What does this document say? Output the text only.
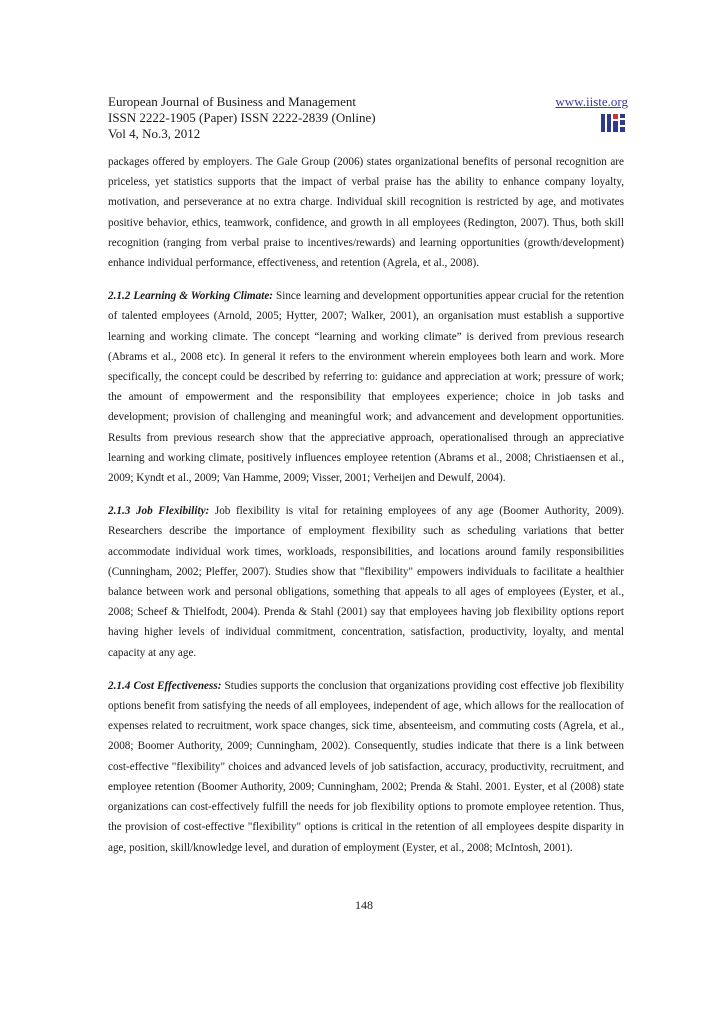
European Journal of Business and Management
ISSN 2222-1905 (Paper) ISSN 2222-2839 (Online)
Vol 4, No.3, 2012
www.iiste.org

packages offered by employers. The Gale Group (2006) states organizational benefits of personal recognition are priceless, yet statistics supports that the impact of verbal praise has the ability to enhance company loyalty, motivation, and perseverance at no extra charge. Individual skill recognition is restricted by age, and motivates positive behavior, ethics, teamwork, confidence, and growth in all employees (Redington, 2007). Thus, both skill recognition (ranging from verbal praise to incentives/rewards) and learning opportunities (growth/development) enhance individual performance, effectiveness, and retention (Agrela, et al., 2008).

2.1.2 Learning & Working Climate: Since learning and development opportunities appear crucial for the retention of talented employees (Arnold, 2005; Hytter, 2007; Walker, 2001), an organisation must establish a supportive learning and working climate. The concept “learning and working climate” is derived from previous research (Abrams et al., 2008 etc). In general it refers to the environment wherein employees both learn and work. More specifically, the concept could be described by referring to: guidance and appreciation at work; pressure of work; the amount of empowerment and the responsibility that employees experience; choice in job tasks and development; provision of challenging and meaningful work; and advancement and development opportunities. Results from previous research show that the appreciative approach, operationalised through an appreciative learning and working climate, positively influences employee retention (Abrams et al., 2008; Christiaensen et al., 2009; Kyndt et al., 2009; Van Hamme, 2009; Visser, 2001; Verheijen and Dewulf, 2004).

2.1.3 Job Flexibility: Job flexibility is vital for retaining employees of any age (Boomer Authority, 2009). Researchers describe the importance of employment flexibility such as scheduling variations that better accommodate individual work times, workloads, responsibilities, and locations around family responsibilities (Cunningham, 2002; Pleffer, 2007). Studies show that "flexibility" empowers individuals to facilitate a healthier balance between work and personal obligations, something that appeals to all ages of employees (Eyster, et al., 2008; Scheef & Thielfodt, 2004). Prenda & Stahl (2001) say that employees having job flexibility options report having higher levels of individual commitment, concentration, satisfaction, productivity, loyalty, and mental capacity at any age.

2.1.4 Cost Effectiveness: Studies supports the conclusion that organizations providing cost effective job flexibility options benefit from satisfying the needs of all employees, independent of age, which allows for the reallocation of expenses related to recruitment, work space changes, sick time, absenteeism, and commuting costs (Agrela, et al., 2008; Boomer Authority, 2009; Cunningham, 2002). Consequently, studies indicate that there is a link between cost-effective "flexibility" choices and advanced levels of job satisfaction, accuracy, productivity, recruitment, and employee retention (Boomer Authority, 2009; Cunningham, 2002; Prenda & Stahl. 2001. Eyster, et al (2008) state organizations can cost-effectively fulfill the needs for job flexibility options to promote employee retention. Thus, the provision of cost-effective "flexibility" options is critical in the retention of all employees despite disparity in age, position, skill/knowledge level, and duration of employment (Eyster, et al., 2008; McIntosh, 2001).

148
